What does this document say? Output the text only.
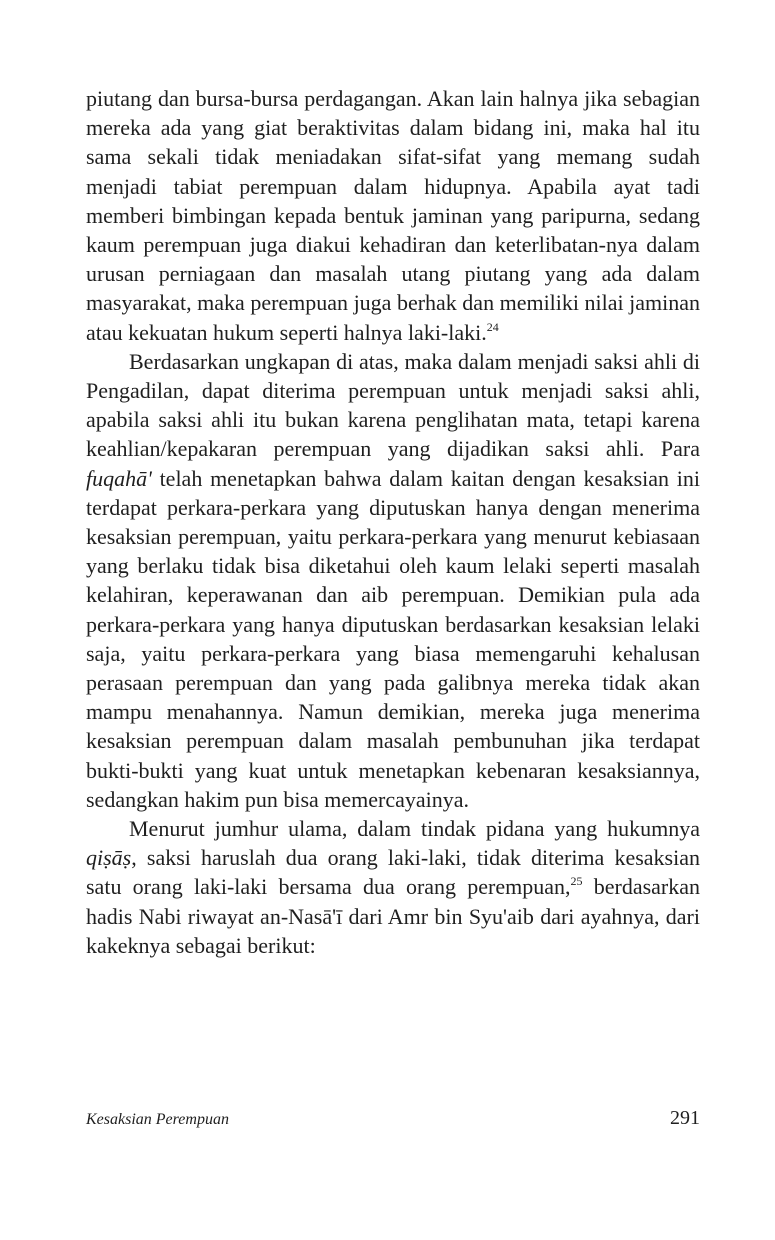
piutang dan bursa-bursa perdagangan. Akan lain halnya jika sebagian mereka ada yang giat beraktivitas dalam bidang ini, maka hal itu sama sekali tidak meniadakan sifat-sifat yang memang sudah menjadi tabiat perempuan dalam hidupnya. Apabila ayat tadi memberi bimbingan kepada bentuk jaminan yang paripurna, sedang kaum perempuan juga diakui kehadiran dan keterlibatan-nya dalam urusan perniagaan dan masalah utang piutang yang ada dalam masyarakat, maka perempuan juga berhak dan memiliki nilai jaminan atau kekuatan hukum seperti halnya laki-laki.$^{24}$

Berdasarkan ungkapan di atas, maka dalam menjadi saksi ahli di Pengadilan, dapat diterima perempuan untuk menjadi saksi ahli, apabila saksi ahli itu bukan karena penglihatan mata, tetapi karena keahlian/kepakaran perempuan yang dijadikan saksi ahli. Para fuqahā' telah menetapkan bahwa dalam kaitan dengan kesaksian ini terdapat perkara-perkara yang diputuskan hanya dengan menerima kesaksian perempuan, yaitu perkara-perkara yang menurut kebiasaan yang berlaku tidak bisa diketahui oleh kaum lelaki seperti masalah kelahiran, keperawanan dan aib perempuan. Demikian pula ada perkara-perkara yang hanya diputuskan berdasarkan kesaksian lelaki saja, yaitu perkara-perkara yang biasa memengaruhi kehalusan perasaan perempuan dan yang pada galibnya mereka tidak akan mampu menahannya. Namun demikian, mereka juga menerima kesaksian perempuan dalam masalah pembunuhan jika terdapat bukti-bukti yang kuat untuk menetapkan kebenaran kesaksiannya, sedangkan hakim pun bisa memercayainya.

Menurut jumhur ulama, dalam tindak pidana yang hukumnya qiṣāṣ, saksi haruslah dua orang laki-laki, tidak diterima kesaksian satu orang laki-laki bersama dua orang perempuan,$^{25}$ berdasarkan hadis Nabi riwayat an-Nasā'ī dari Amr bin Syu'aib dari ayahnya, dari kakeknya sebagai berikut:

Kesaksian Perempuan	291
